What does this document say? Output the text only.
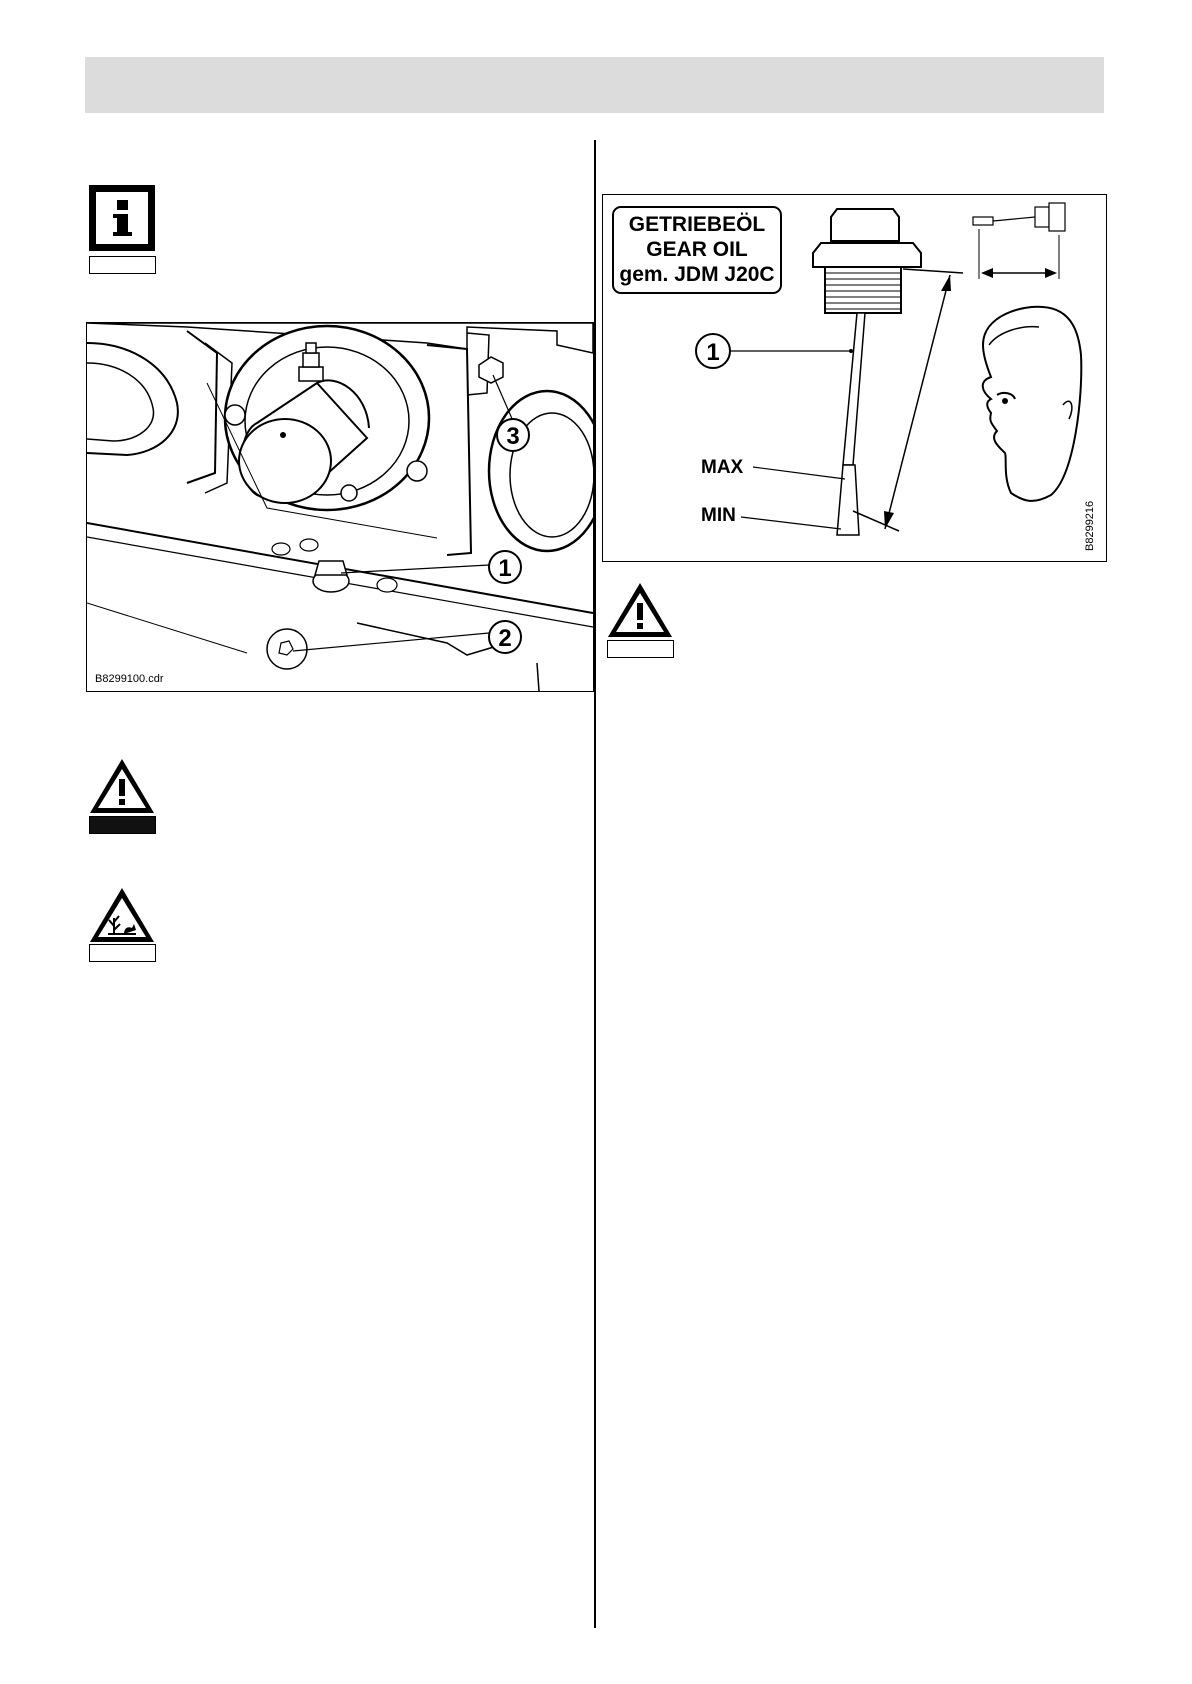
3
1
2
B8299100.cdr
GETRIEBEÖL
GEAR OIL
gem. JDM J20C
1
MAX
MIN	B8299216
